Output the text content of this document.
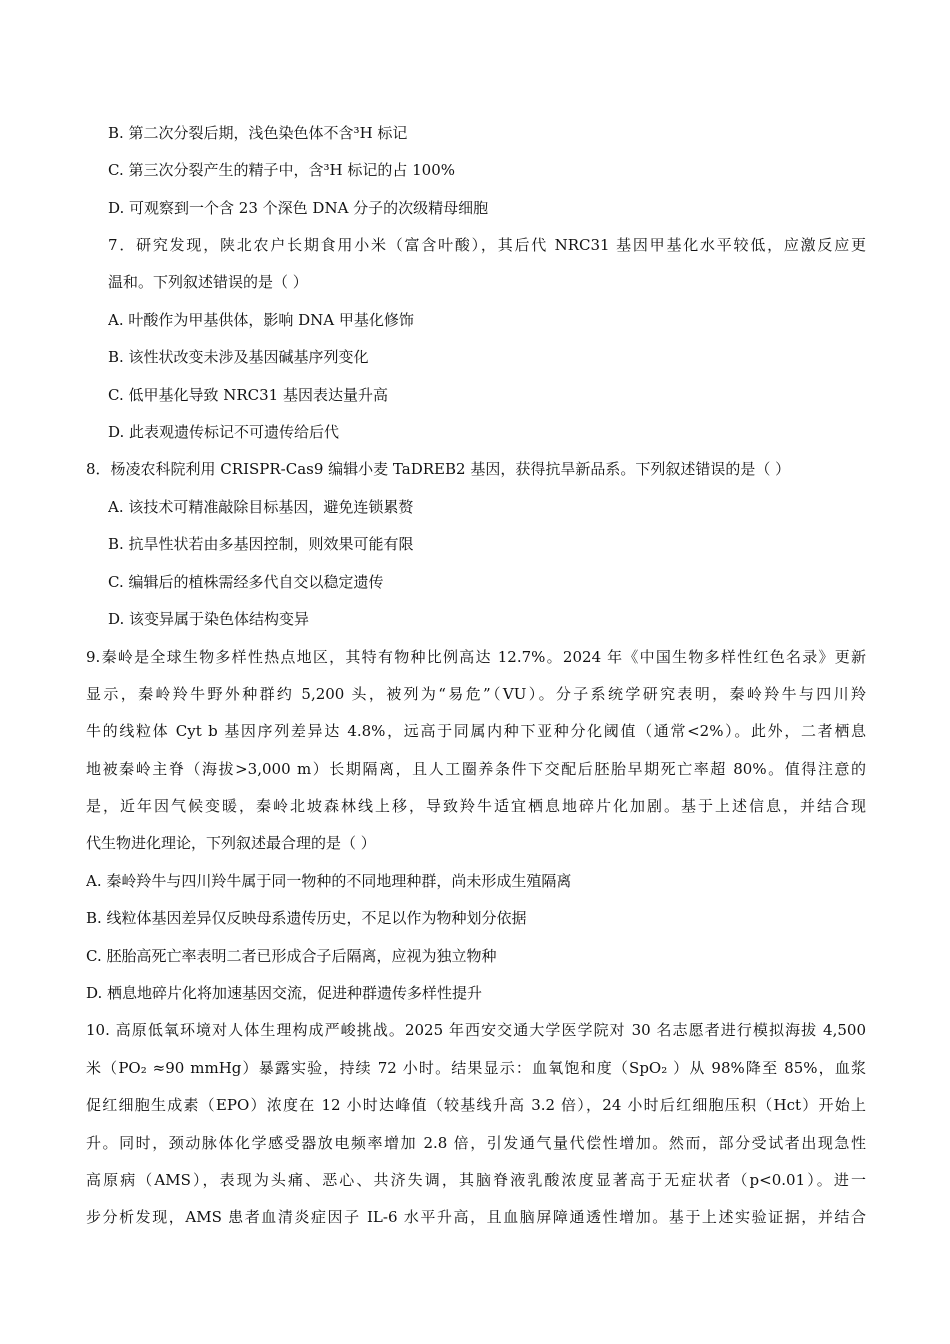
B. 第二次分裂后期，浅色染色体不含³H 标记
C. 第三次分裂产生的精子中，含³H 标记的占 100%
D. 可观察到一个含 23 个深色 DNA 分子的次级精母细胞
7．研究发现，陕北农户长期食用小米（富含叶酸），其后代 NRC31 基因甲基化水平较低，应激反应更
温和。下列叙述错误的是（ ）
A. 叶酸作为甲基供体，影响 DNA 甲基化修饰
B. 该性状改变未涉及基因碱基序列变化
C. 低甲基化导致 NRC31 基因表达量升高
D. 此表观遗传标记不可遗传给后代
8．杨凌农科院利用 CRISPR-Cas9 编辑小麦 TaDREB2 基因，获得抗旱新品系。下列叙述错误的是（ ）
A. 该技术可精准敲除目标基因，避免连锁累赘
B. 抗旱性状若由多基因控制，则效果可能有限
C. 编辑后的植株需经多代自交以稳定遗传
D. 该变异属于染色体结构变异
9.秦岭是全球生物多样性热点地区，其特有物种比例高达 12.7%。2024 年《中国生物多样性红色名录》更新
显示，秦岭羚牛野外种群约 5,200 头，被列为“易危”（VU）。分子系统学研究表明，秦岭羚牛与四川羚
牛的线粒体 Cyt b 基因序列差异达 4.8%，远高于同属内种下亚种分化阈值（通常<2%）。此外，二者栖息
地被秦岭主脊（海拔>3,000 m）长期隔离，且人工圈养条件下交配后胚胎早期死亡率超 80%。值得注意的
是，近年因气候变暖，秦岭北坡森林线上移，导致羚牛适宜栖息地碎片化加剧。基于上述信息，并结合现
代生物进化理论，下列叙述最合理的是（ ）
A. 秦岭羚牛与四川羚牛属于同一物种的不同地理种群，尚未形成生殖隔离
B. 线粒体基因差异仅反映母系遗传历史，不足以作为物种划分依据
C. 胚胎高死亡率表明二者已形成合子后隔离，应视为独立物种
D. 栖息地碎片化将加速基因交流，促进种群遗传多样性提升
10. 高原低氧环境对人体生理构成严峻挑战。2025 年西安交通大学医学院对 30 名志愿者进行模拟海拔 4,500
米（PO₂ ≈90 mmHg）暴露实验，持续 72 小时。结果显示：血氧饱和度（SpO₂ ）从 98%降至 85%，血浆
促红细胞生成素（EPO）浓度在 12 小时达峰值（较基线升高 3.2 倍），24 小时后红细胞压积（Hct）开始上
升。同时，颈动脉体化学感受器放电频率增加 2.8 倍，引发通气量代偿性增加。然而，部分受试者出现急性
高原病（AMS），表现为头痛、恶心、共济失调，其脑脊液乳酸浓度显著高于无症状者（p<0.01）。进一
步分析发现，AMS 患者血清炎症因子 IL-6 水平升高，且血脑屏障通透性增加。基于上述实验证据，并结合
